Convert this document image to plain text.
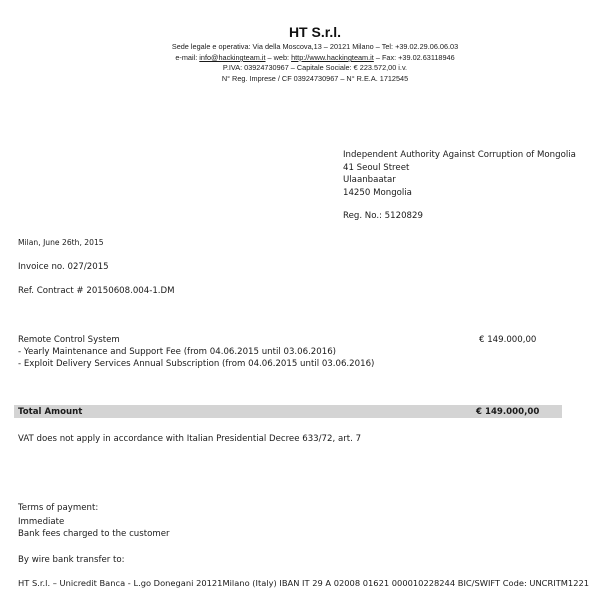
HT S.r.l.
Sede legale e operativa: Via della Moscova,13 – 20121 Milano – Tel: +39.02.29.06.06.03
e-mail: info@hackingteam.it – web: http://www.hackingteam.it – Fax: +39.02.63118946
P.IVA: 03924730967 – Capitale Sociale: € 223.572,00 i.v.
N° Reg. Imprese / CF 03924730967 – N° R.E.A. 1712545
Independent Authority Against Corruption of Mongolia
41 Seoul Street
Ulaanbaatar
14250 Mongolia
Reg. No.: 5120829
Milan, June 26th, 2015
Invoice no. 027/2015
Ref. Contract # 20150608.004-1.DM
Remote Control System	€ 149.000,00
- Yearly Maintenance and Support Fee (from 04.06.2015 until 03.06.2016)
- Exploit Delivery Services Annual Subscription (from 04.06.2015 until 03.06.2016)
Total Amount	€ 149.000,00
VAT does not apply in accordance with Italian Presidential Decree 633/72, art. 7
Terms of payment:
Immediate
Bank fees charged to the customer
By wire bank transfer to:
HT S.r.l. – Unicredit Banca - L.go Donegani 20121Milano (Italy) IBAN IT 29 A 02008 01621 000010228244 BIC/SWIFT Code: UNCRITM1221
